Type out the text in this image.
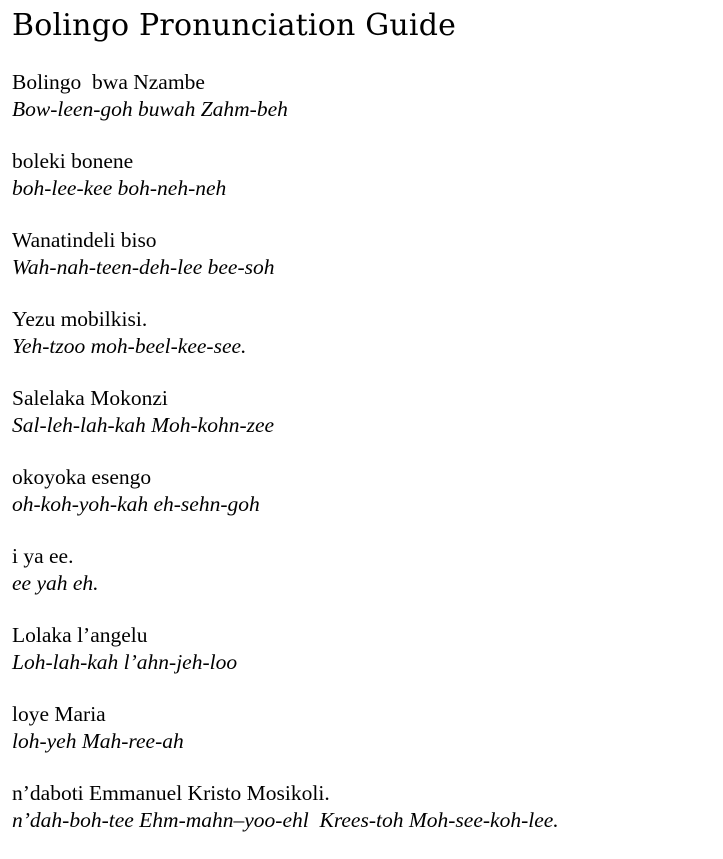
Bolingo Pronunciation Guide
Bolingo  bwa Nzambe
Bow-leen-goh buwah Zahm-beh
boleki bonene
boh-lee-kee boh-neh-neh
Wanatindeli biso
Wah-nah-teen-deh-lee bee-soh
Yezu mobilkisi.
Yeh-tzoo moh-beel-kee-see.
Salelaka Mokonzi
Sal-leh-lah-kah Moh-kohn-zee
okoyoka esengo
oh-koh-yoh-kah eh-sehn-goh
i ya ee.
ee yah eh.
Lolaka l’angelu
Loh-lah-kah l’ahn-jeh-loo
loye Maria
loh-yeh Mah-ree-ah
n’daboti Emmanuel Kristo Mosikoli.
n’dah-boh-tee Ehm-mahn–yoo-ehl  Krees-toh Moh-see-koh-lee.
